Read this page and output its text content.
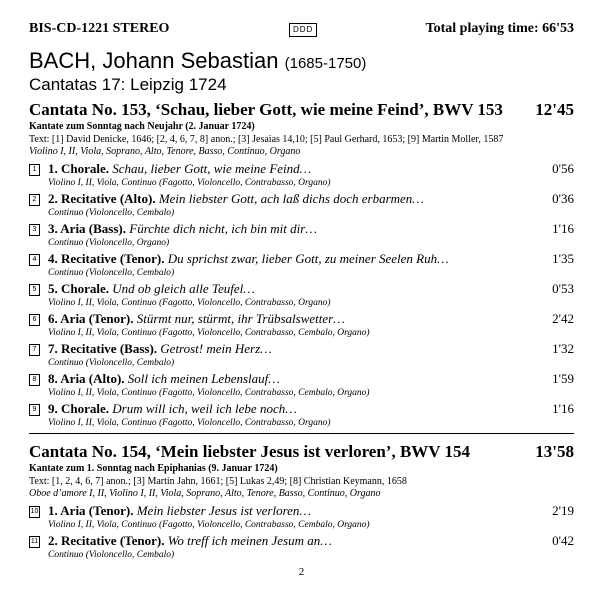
BIS-CD-1221 STEREO	DDD	Total playing time: 66'53
BACH, Johann Sebastian (1685-1750)
Cantatas 17: Leipzig 1724
Cantata No. 153, ‘Schau, lieber Gott, wie meine Feind’, BWV 153 12'45
Kantate zum Sonntag nach Neujahr (2. Januar 1724)
Text: [1] David Denicke, 1646; [2, 4, 6, 7, 8] anon.; [3] Jesaias 14,10; [5] Paul Gerhard, 1653; [9] Martin Moller, 1587
Violino I, II, Viola, Soprano, Alto, Tenore, Basso, Continuo, Organo
1 1. Chorale. Schau, lieber Gott, wie meine Feind…	0'56
Violino I, II, Viola, Continuo (Fagotto, Violoncello, Contrabasso, Organo)
2 2. Recitative (Alto). Mein liebster Gott, ach laß dichs doch erbarmen…	0'36
Continuo (Violoncello, Cembalo)
3 3. Aria (Bass). Fürchte dich nicht, ich bin mit dir…	1'16
Continuo (Violoncello, Organo)
4 4. Recitative (Tenor). Du sprichst zwar, lieber Gott, zu meiner Seelen Ruh…	1'35
Continuo (Violoncello, Cembalo)
5 5. Chorale. Und ob gleich alle Teufel…	0'53
Violino I, II, Viola, Continuo (Fagotto, Violoncello, Contrabasso, Organo)
6 6. Aria (Tenor). Stürmt nur, stürmt, ihr Trübsalswetter…	2'42
Violino I, II, Viola, Continuo (Fagotto, Violoncello, Contrabasso, Cembalo, Organo)
7 7. Recitative (Bass). Getrost! mein Herz…	1'32
Continuo (Violoncello, Cembalo)
8 8. Aria (Alto). Soll ich meinen Lebenslauf…	1'59
Violino I, II, Viola, Continuo (Fagotto, Violoncello, Contrabasso, Cembalo, Organo)
9 9. Chorale. Drum will ich, weil ich lebe noch…	1'16
Violino I, II, Viola, Continuo (Fagotto, Violoncello, Contrabasso, Organo)
Cantata No. 154, ‘Mein liebster Jesus ist verloren’, BWV 154	13'58
Kantate zum 1. Sonntag nach Epiphanias (9. Januar 1724)
Text: [1, 2, 4, 6, 7] anon.; [3] Martin Jahn, 1661; [5] Lukas 2,49; [8] Christian Keymann, 1658
Oboe d’amore I, II, Violino I, II, Viola, Soprano, Alto, Tenore, Basso, Continuo, Organo
10 1. Aria (Tenor). Mein liebster Jesus ist verloren…	2'19
Violino I, II, Viola, Continuo (Fagotto, Violoncello, Contrabasso, Cembalo, Organo)
11 2. Recitative (Tenor). Wo treff ich meinen Jesum an…	0'42
Continuo (Violoncello, Cembalo)
2
